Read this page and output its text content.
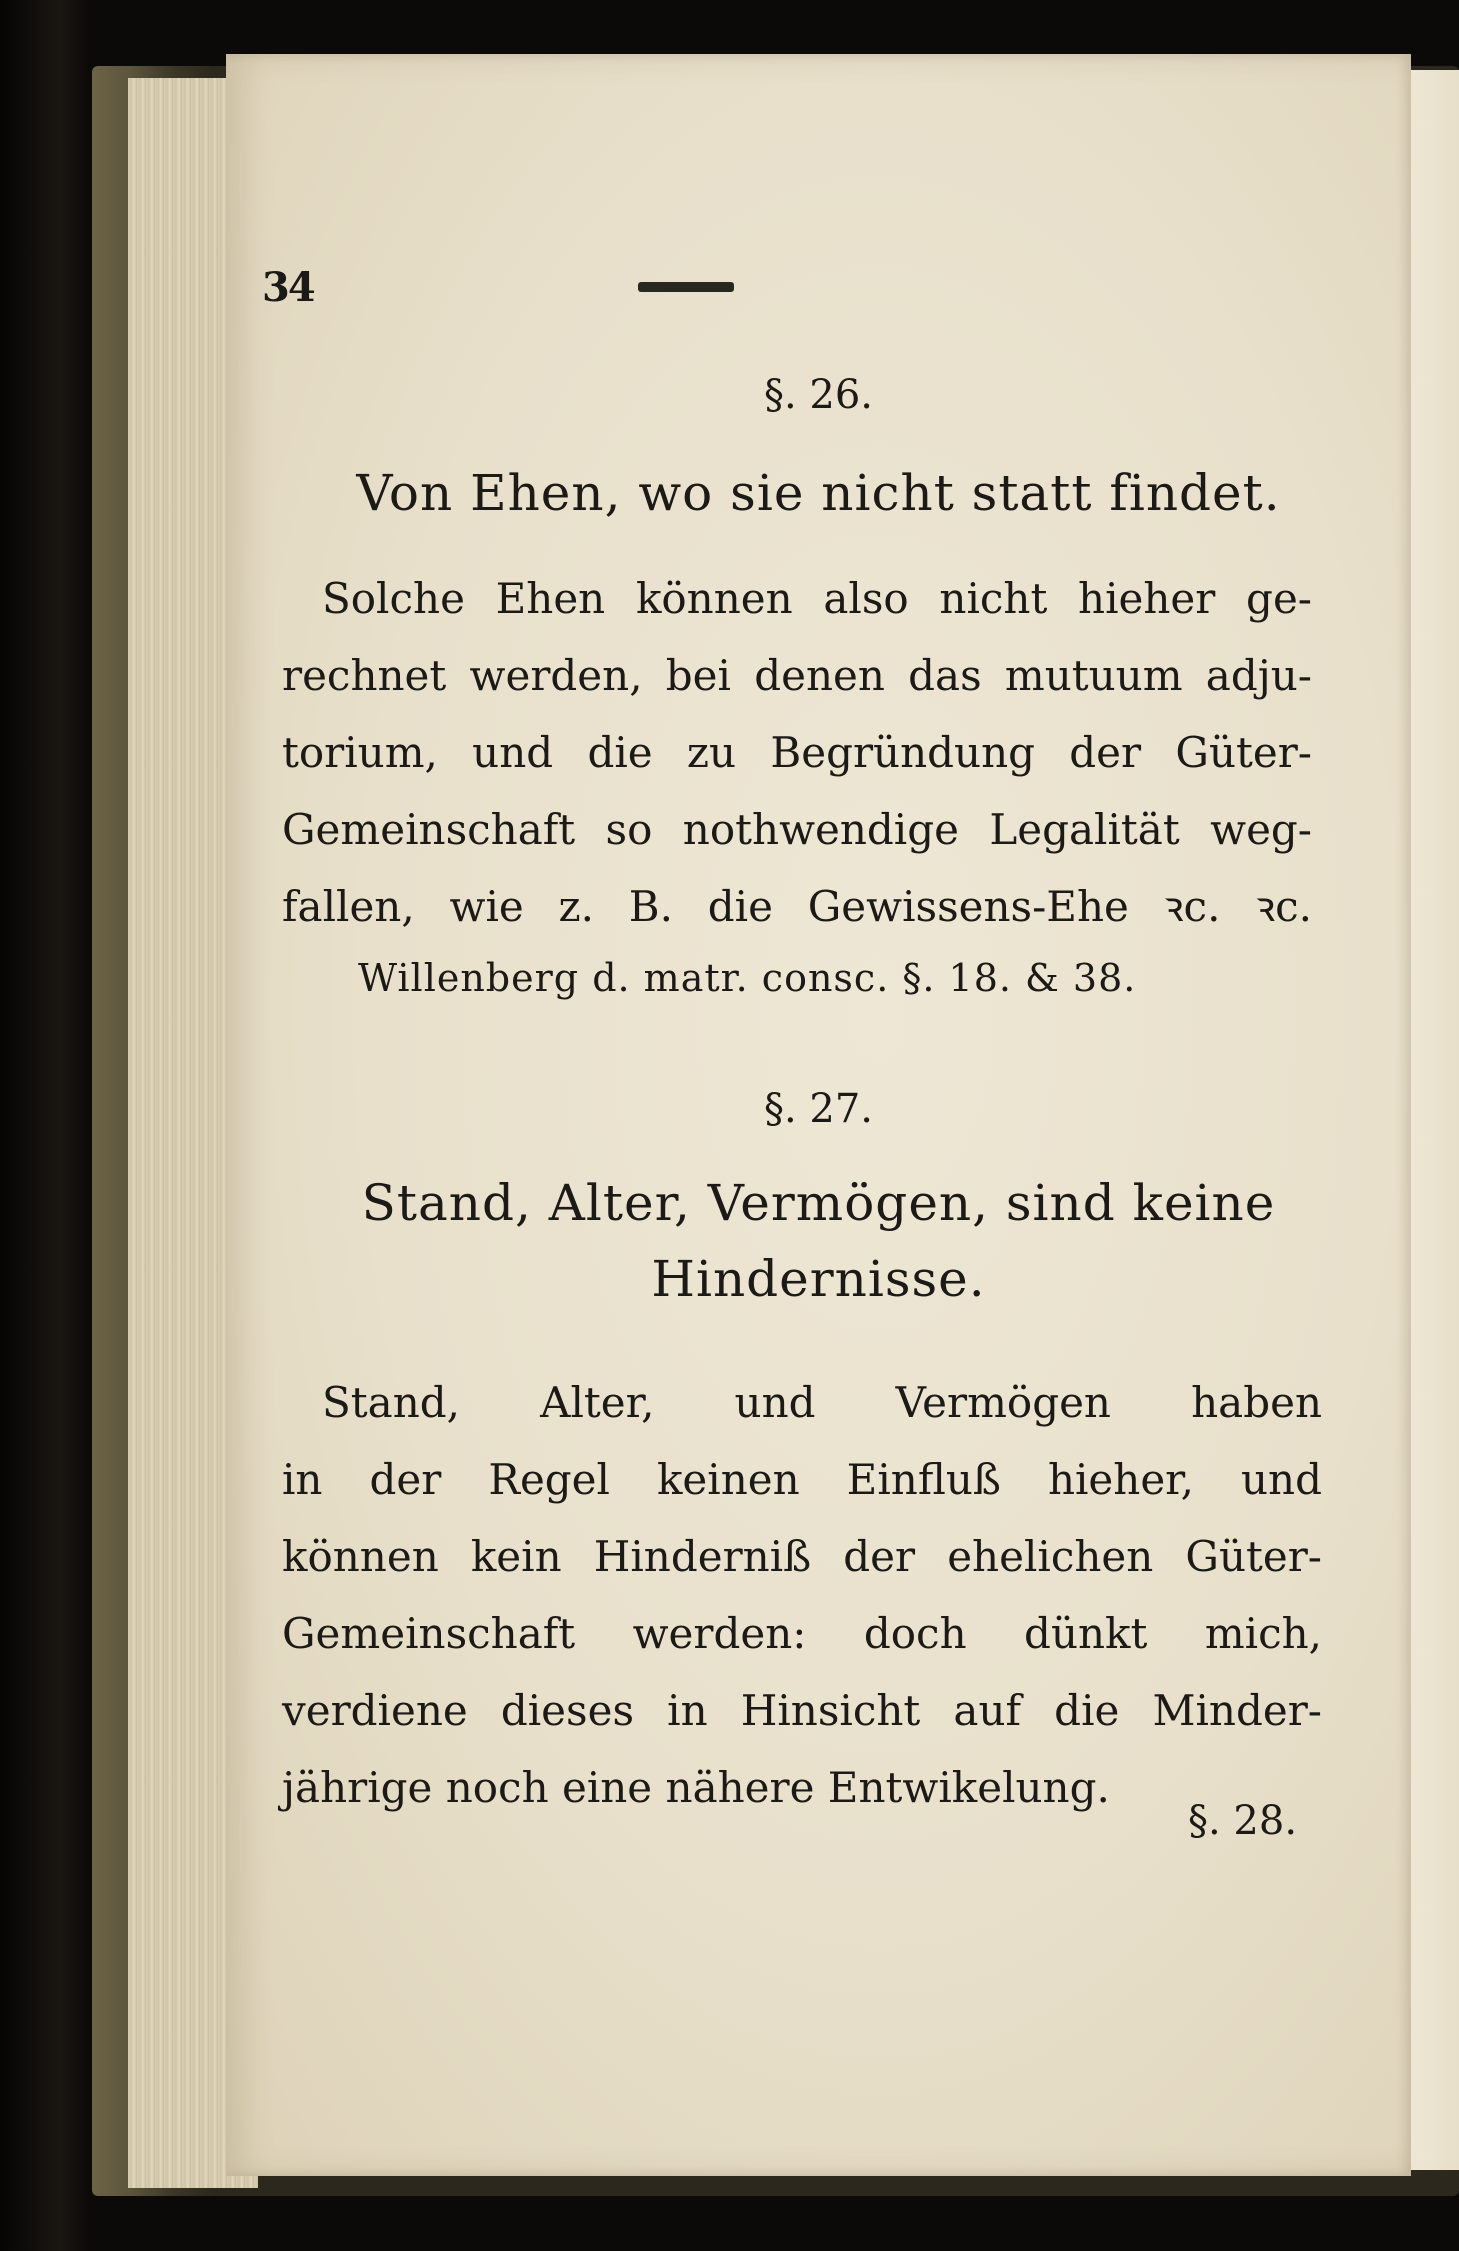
34
§. 26.
Von Ehen, wo sie nicht statt findet.
Solche Ehen können also nicht hieher ge-
rechnet werden, bei denen das mutuum adju-
torium, und die zu Begründung der Güter-
Gemeinschaft so nothwendige Legalität weg-
fallen, wie z. B. die Gewissens-Ehe ꝛc. ꝛc.
Willenberg d. matr. consc. §. 18. & 38.
§. 27.
Stand, Alter, Vermögen, sind keine
Hindernisse.
Stand, Alter, und Vermögen haben
in der Regel keinen Einfluß hieher, und
können kein Hinderniß der ehelichen Güter-
Gemeinschaft werden: doch dünkt mich,
verdiene dieses in Hinsicht auf die Minder-
jährige noch eine nähere Entwikelung.
§. 28.
